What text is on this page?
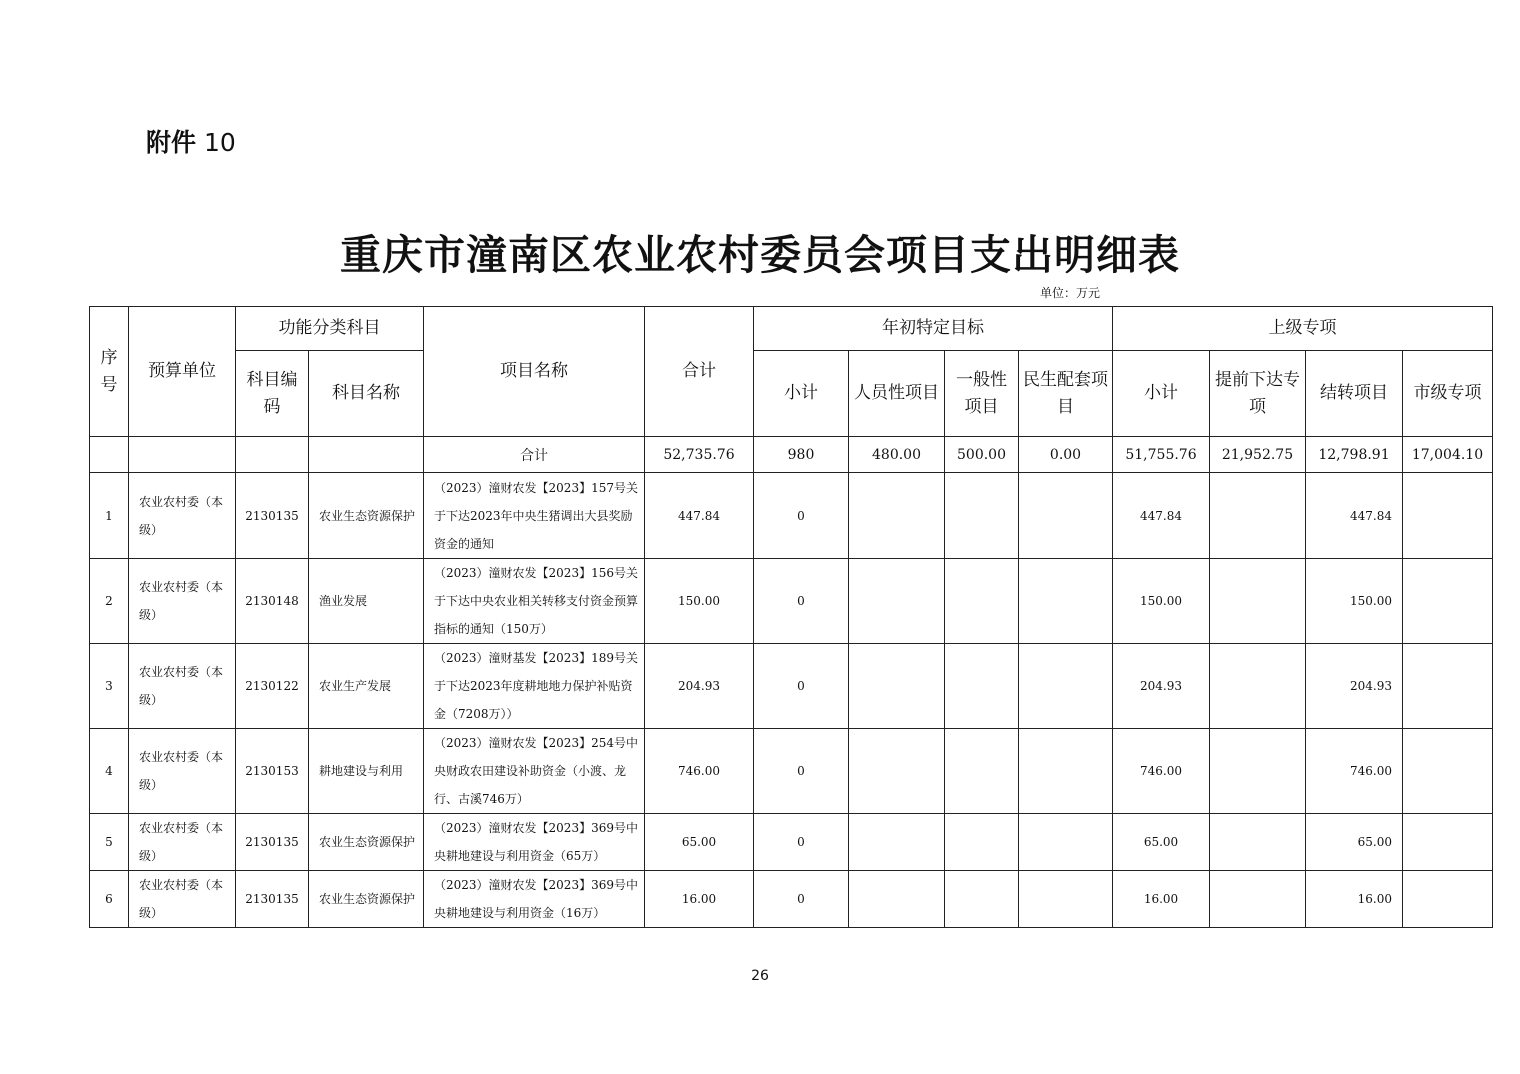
附件 10
重庆市潼南区农业农村委员会项目支出明细表
单位：万元
序号	预算单位	功能分类科目		项目名称	合计	年初特定目标				上级专项			
		科目编码	科目名称			小计	人员性项目	一般性项目	民生配套项目	小计	提前下达专项	结转项目	市级专项
				合计	52,735.76	980	480.00	500.00	0.00	51,755.76	21,952.75	12,798.91	17,004.10
1	农业农村委（本级）	2130135	农业生态资源保护	（2023）潼财农发【2023】157号关于下达2023年中央生猪调出大县奖励资金的通知	447.84	0				447.84		447.84	
2	农业农村委（本级）	2130148	渔业发展	（2023）潼财农发【2023】156号关于下达中央农业相关转移支付资金预算指标的通知（150万）	150.00	0				150.00		150.00	
3	农业农村委（本级）	2130122	农业生产发展	（2023）潼财基发【2023】189号关于下达2023年度耕地地力保护补贴资金（7208万））	204.93	0				204.93		204.93	
4	农业农村委（本级）	2130153	耕地建设与利用	（2023）潼财农发【2023】254号中央财政农田建设补助资金（小渡、龙行、古溪746万）	746.00	0				746.00		746.00	
5	农业农村委（本级）	2130135	农业生态资源保护	（2023）潼财农发【2023】369号中央耕地建设与利用资金（65万）	65.00	0				65.00		65.00	
6	农业农村委（本级）	2130135	农业生态资源保护	（2023）潼财农发【2023】369号中央耕地建设与利用资金（16万）	16.00	0				16.00		16.00	
26
